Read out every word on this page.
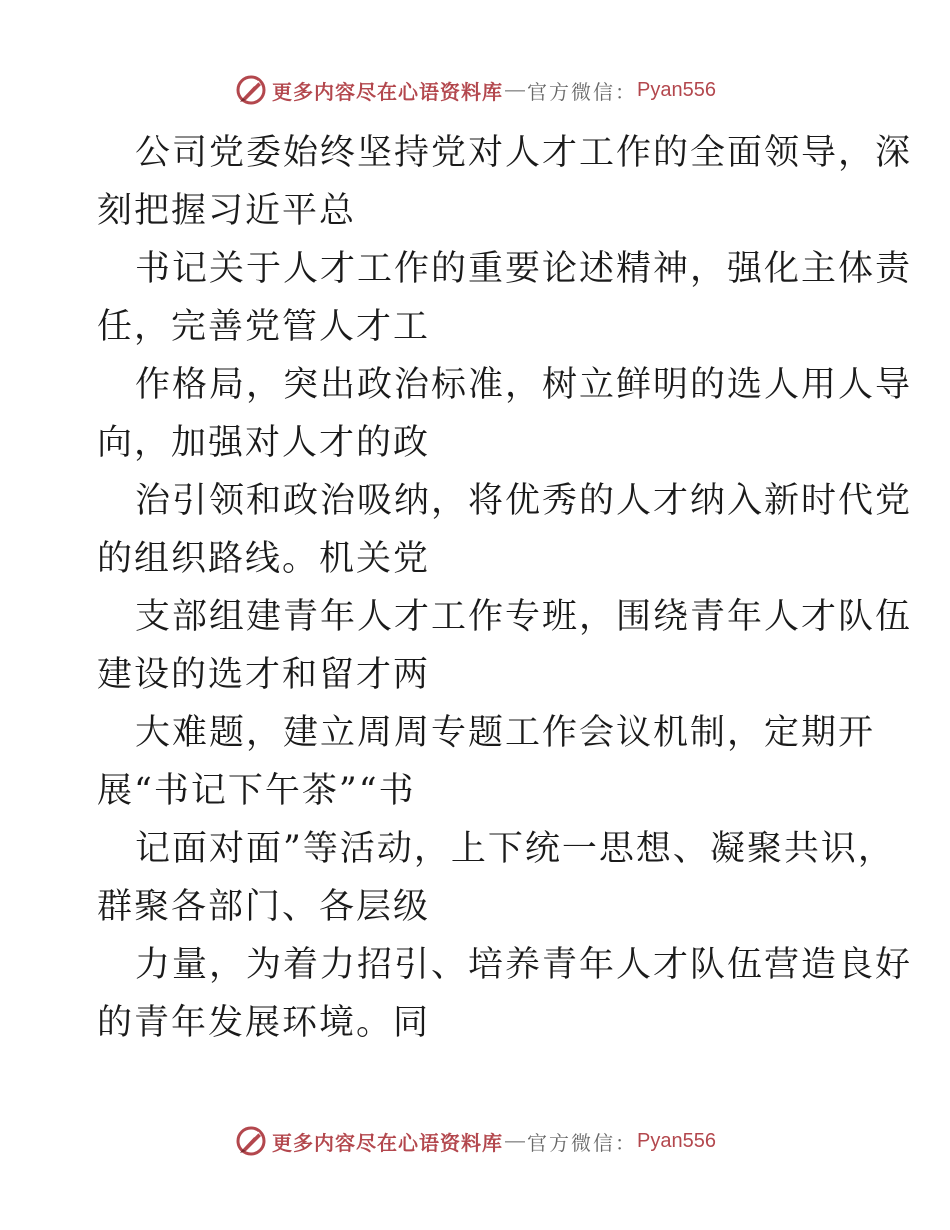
更多内容尽在心语资料库 — 官方微信： Pyan556
公司党委始终坚持党对人才工作的全面领导，深
刻把握习近平总
书记关于人才工作的重要论述精神，强化主体责
任，完善党管人才工
作格局，突出政治标准，树立鲜明的选人用人导
向，加强对人才的政
治引领和政治吸纳，将优秀的人才纳入新时代党
的组织路线。机关党
支部组建青年人才工作专班，围绕青年人才队伍
建设的选才和留才两
大难题，建立周周专题工作会议机制，定期开
展“书记下午茶”“书
记面对面”等活动，上下统一思想、凝聚共识，
群聚各部门、各层级
力量，为着力招引、培养青年人才队伍营造良好
的青年发展环境。同
更多内容尽在心语资料库 — 官方微信： Pyan556
